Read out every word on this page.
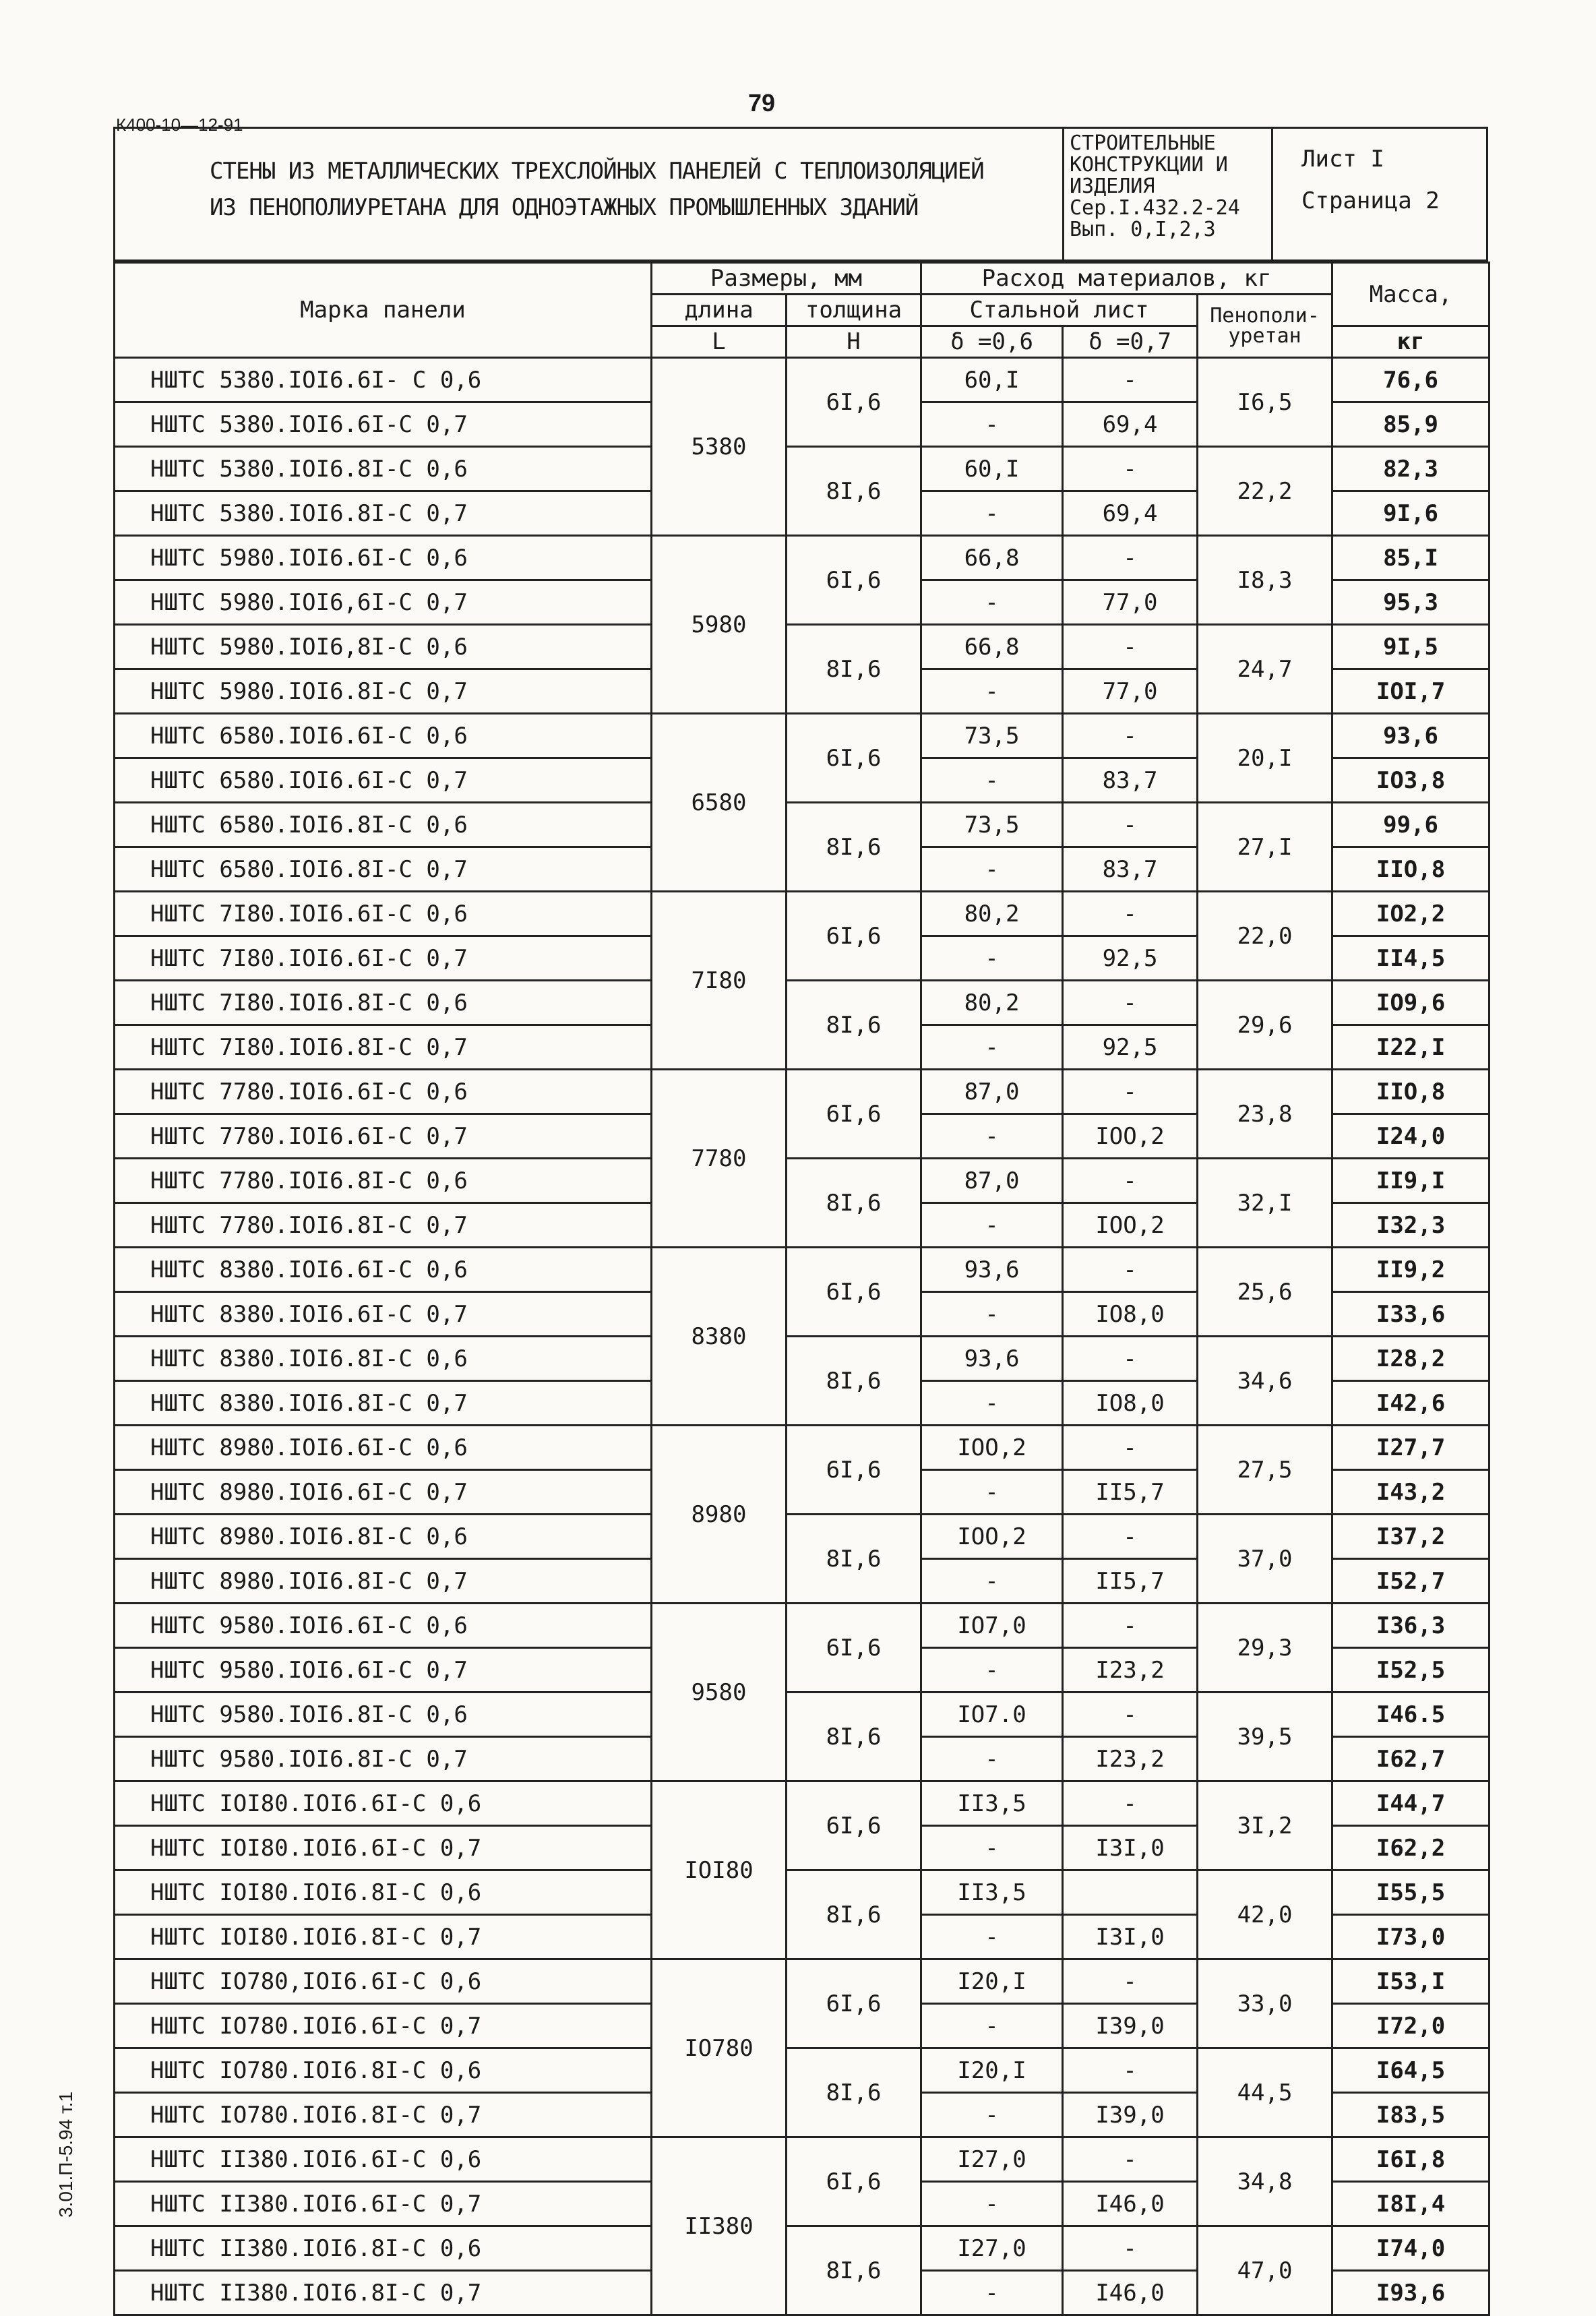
79
К400-10—12-91
3.01.П-5.94 т.1
СТЕНЫ ИЗ МЕТАЛЛИЧЕСКИХ ТРЕХСЛОЙНЫХ ПАНЕЛЕЙ С ТЕПЛОИЗОЛЯЦИЕЙ
ИЗ ПЕНОПОЛИУРЕТАНА ДЛЯ ОДНОЭТАЖНЫХ ПРОМЫШЛЕННЫХ ЗДАНИЙ
СТРОИТЕЛЬНЫЕ
КОНСТРУКЦИИ И
ИЗДЕЛИЯ
Сер.I.432.2-24
Вып. 0,I,2,3
Лист I
Страница 2
Марка панели	Размеры, мм		Расход материалов, кг			Масса,
	длина	толщина	Стальной лист		Пенополи-уретан	
	L	H	δ =0,6	δ =0,7		кг
НШТС 5380.IOI6.6I- С 0,6	5380	6I,6	60,I	-	I6,5	76,6
НШТС 5380.IOI6.6I-С 0,7			-	69,4		85,9
НШТС 5380.IOI6.8I-С 0,6		8I,6	60,I	-	22,2	82,3
НШТС 5380.IOI6.8I-С 0,7			-	69,4		9I,6
НШТС 5980.IOI6.6I-С 0,6	5980	6I,6	66,8	-	I8,3	85,I
НШТС 5980.IOI6,6I-С 0,7			-	77,0		95,3
НШТС 5980.IOI6,8I-С 0,6		8I,6	66,8	-	24,7	9I,5
НШТС 5980.IOI6.8I-С 0,7			-	77,0		IOI,7
НШТС 6580.IOI6.6I-С 0,6	6580	6I,6	73,5	-	20,I	93,6
НШТС 6580.IOI6.6I-С 0,7			-	83,7		IO3,8
НШТС 6580.IOI6.8I-С 0,6		8I,6	73,5	-	27,I	99,6
НШТС 6580.IOI6.8I-С 0,7			-	83,7		IIO,8
НШТС 7I80.IOI6.6I-С 0,6	7I80	6I,6	80,2	-	22,0	IO2,2
НШТС 7I80.IOI6.6I-С 0,7			-	92,5		II4,5
НШТС 7I80.IOI6.8I-С 0,6		8I,6	80,2	-	29,6	IO9,6
НШТС 7I80.IOI6.8I-С 0,7			-	92,5		I22,I
НШТС 7780.IOI6.6I-С 0,6	7780	6I,6	87,0	-	23,8	IIO,8
НШТС 7780.IOI6.6I-С 0,7			-	IOO,2		I24,0
НШТС 7780.IOI6.8I-С 0,6		8I,6	87,0	-	32,I	II9,I
НШТС 7780.IOI6.8I-С 0,7			-	IOO,2		I32,3
НШТС 8380.IOI6.6I-С 0,6	8380	6I,6	93,6	-	25,6	II9,2
НШТС 8380.IOI6.6I-С 0,7			-	IO8,0		I33,6
НШТС 8380.IOI6.8I-С 0,6		8I,6	93,6	-	34,6	I28,2
НШТС 8380.IOI6.8I-С 0,7			-	IO8,0		I42,6
НШТС 8980.IOI6.6I-С 0,6	8980	6I,6	IOO,2	-	27,5	I27,7
НШТС 8980.IOI6.6I-С 0,7			-	II5,7		I43,2
НШТС 8980.IOI6.8I-С 0,6		8I,6	IOO,2	-	37,0	I37,2
НШТС 8980.IOI6.8I-С 0,7			-	II5,7		I52,7
НШТС 9580.IOI6.6I-С 0,6	9580	6I,6	IO7,0	-	29,3	I36,3
НШТС 9580.IOI6.6I-С 0,7			-	I23,2		I52,5
НШТС 9580.IOI6.8I-С 0,6		8I,6	IO7.0	-	39,5	I46.5
НШТС 9580.IOI6.8I-С 0,7			-	I23,2		I62,7
НШТС IOI80.IOI6.6I-С 0,6	IOI80	6I,6	II3,5	-	3I,2	I44,7
НШТС IOI80.IOI6.6I-С 0,7			-	I3I,0		I62,2
НШТС IOI80.IOI6.8I-С 0,6		8I,6	II3,5		42,0	I55,5
НШТС IOI80.IOI6.8I-С 0,7			-	I3I,0		I73,0
НШТС IO780,IOI6.6I-С 0,6	IO780	6I,6	I20,I	-	33,0	I53,I
НШТС IO780.IOI6.6I-С 0,7			-	I39,0		I72,0
НШТС IO780.IOI6.8I-С 0,6		8I,6	I20,I	-	44,5	I64,5
НШТС IO780.IOI6.8I-С 0,7			-	I39,0		I83,5
НШТС II380.IOI6.6I-С 0,6	II380	6I,6	I27,0	-	34,8	I6I,8
НШТС II380.IOI6.6I-С 0,7			-	I46,0		I8I,4
НШТС II380.IOI6.8I-С 0,6		8I,6	I27,0	-	47,0	I74,0
НШТС II380.IOI6.8I-С 0,7			-	I46,0		I93,6
